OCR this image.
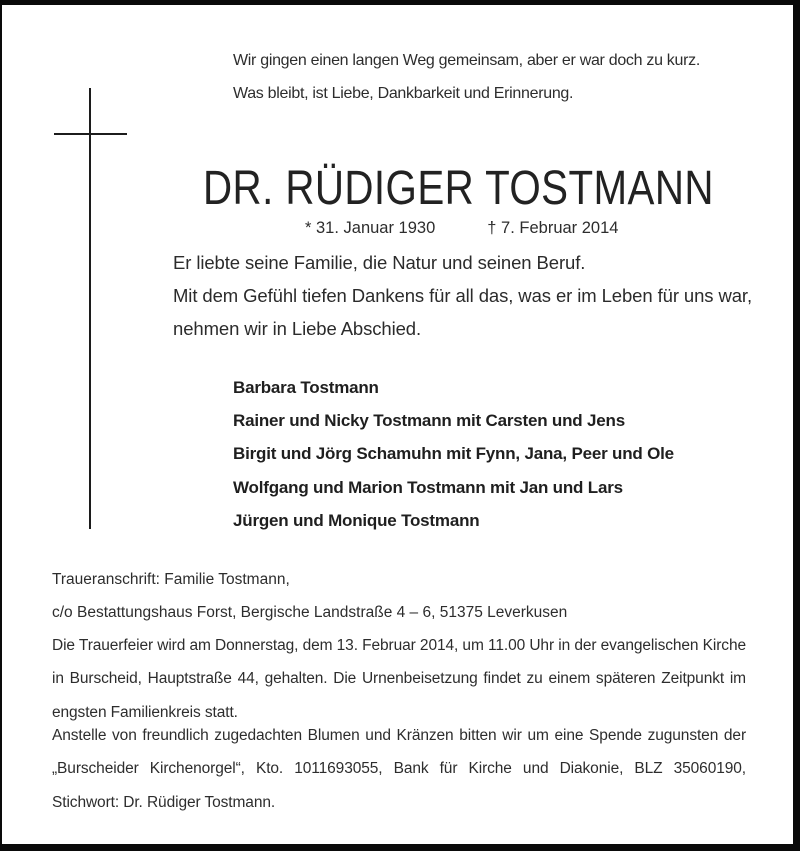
Wir gingen einen langen Weg gemeinsam, aber er war doch zu kurz.
Was bleibt, ist Liebe, Dankbarkeit und Erinnerung.
DR. RÜDIGER TOSTMANN
* 31. Januar 1930	† 7. Februar 2014
Er liebte seine Familie, die Natur und seinen Beruf.
Mit dem Gefühl tiefen Dankens für all das, was er im Leben für uns war,
nehmen wir in Liebe Abschied.
Barbara Tostmann
Rainer und Nicky Tostmann mit Carsten und Jens
Birgit und Jörg Schamuhn mit Fynn, Jana, Peer und Ole
Wolfgang und Marion Tostmann mit Jan und Lars
Jürgen und Monique Tostmann
Traueranschrift: Familie Tostmann,
c/o Bestattungshaus Forst, Bergische Landstraße 4 – 6, 51375 Leverkusen
Die Trauerfeier wird am Donnerstag, dem 13. Februar 2014, um 11.00 Uhr in der evangelischen Kirche in Burscheid, Hauptstraße 44, gehalten. Die Urnenbeisetzung findet zu einem späteren Zeitpunkt im engsten Familienkreis statt.
Anstelle von freundlich zugedachten Blumen und Kränzen bitten wir um eine Spende zugunsten der „Burscheider Kirchenorgel“, Kto. 1011693055, Bank für Kirche und Diakonie, BLZ 35060190, Stichwort: Dr. Rüdiger Tostmann.
